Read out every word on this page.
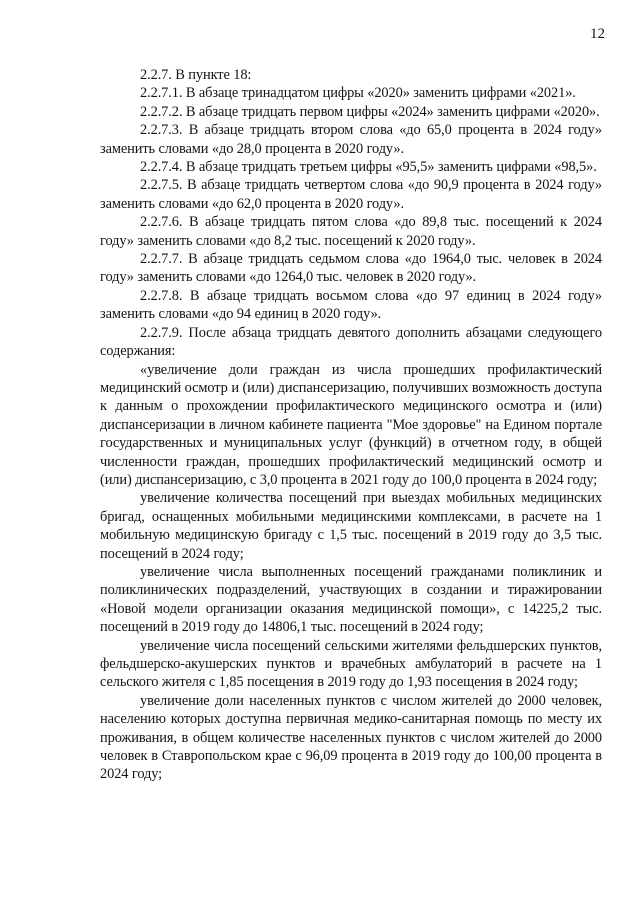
12

2.2.7. В пункте 18:

2.2.7.1. В абзаце тринадцатом цифры «2020» заменить цифрами «2021».

2.2.7.2. В абзаце тридцать первом цифры «2024» заменить цифрами «2020».

2.2.7.3. В абзаце тридцать втором слова «до 65,0 процента в 2024 году» заменить словами «до 28,0 процента в 2020 году».

2.2.7.4. В абзаце тридцать третьем цифры «95,5» заменить цифрами «98,5».

2.2.7.5. В абзаце тридцать четвертом слова «до 90,9 процента в 2024 году» заменить словами «до 62,0 процента в 2020 году».

2.2.7.6. В абзаце тридцать пятом слова «до 89,8 тыс. посещений к 2024 году» заменить словами «до 8,2 тыс. посещений к 2020 году».

2.2.7.7. В абзаце тридцать седьмом слова «до 1964,0 тыс. человек в 2024 году» заменить словами «до 1264,0 тыс. человек в 2020 году».

2.2.7.8. В абзаце тридцать восьмом слова «до 97 единиц в 2024 году» заменить словами «до 94 единиц в 2020 году».

2.2.7.9. После абзаца тридцать девятого дополнить абзацами следующего содержания:

«увеличение доли граждан из числа прошедших профилактический медицинский осмотр и (или) диспансеризацию, получивших возможность доступа к данным о прохождении профилактического медицинского осмотра и (или) диспансеризации в личном кабинете пациента "Мое здоровье" на Едином портале государственных и муниципальных услуг (функций) в отчетном году, в общей численности граждан, прошедших профилактический медицинский осмотр и (или) диспансеризацию, с 3,0 процента в 2021 году до 100,0 процента в 2024 году;

увеличение количества посещений при выездах мобильных медицинских бригад, оснащенных мобильными медицинскими комплексами, в расчете на 1 мобильную медицинскую бригаду с 1,5 тыс. посещений в 2019 году до 3,5 тыс. посещений в 2024 году;

увеличение числа выполненных посещений гражданами поликлиник и поликлинических подразделений, участвующих в создании и тиражировании «Новой модели организации оказания медицинской помощи», с 14225,2 тыс. посещений в 2019 году до 14806,1 тыс. посещений в 2024 году;

увеличение числа посещений сельскими жителями фельдшерских пунктов, фельдшерско-акушерских пунктов и врачебных амбулаторий в расчете на 1 сельского жителя с 1,85 посещения в 2019 году до 1,93 посещения в 2024 году;

увеличение доли населенных пунктов с числом жителей до 2000 человек, населению которых доступна первичная медико-санитарная помощь по месту их проживания, в общем количестве населенных пунктов с числом жителей до 2000 человек в Ставропольском крае с 96,09 процента в 2019 году до 100,00 процента в 2024 году;
